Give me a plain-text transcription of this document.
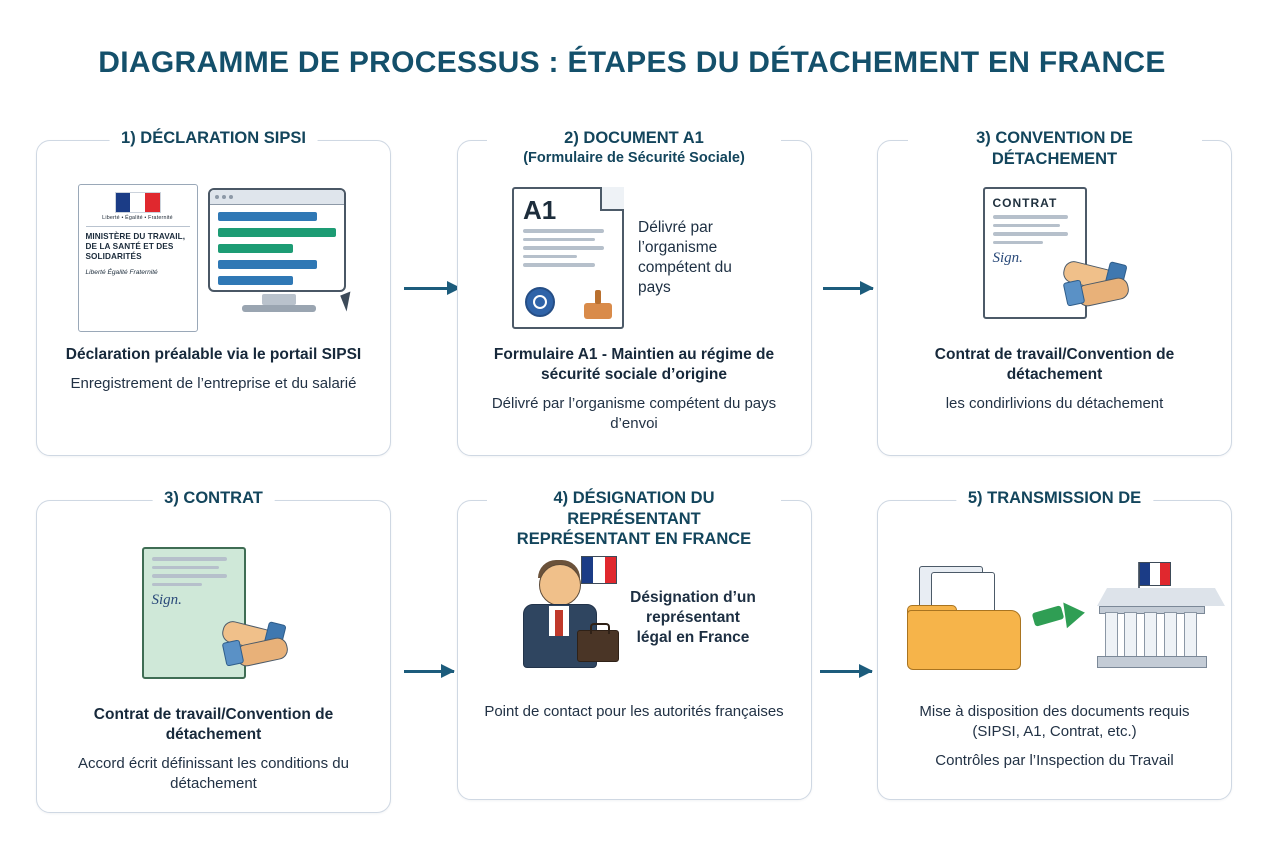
DIAGRAMME DE PROCESSUS : ÉTAPES DU DÉTACHEMENT EN FRANCE
1) DÉCLARATION SIPSI
Liberté • Égalité • Fraternité
MINISTÈRE DU TRAVAIL, DE LA SANTÉ ET DES SOLIDARITÉS
Liberté Égalité Fraternité
Déclaration préalable via le portail SIPSI
Enregistrement de l’entreprise et du salarié
2) DOCUMENT A1
(Formulaire de Sécurité Sociale)
A1
Délivré par l’organisme compétent du pays
Formulaire A1 - Maintien au régime de sécurité sociale d’origine
Délivré par l’organisme compétent du pays d’envoi
3) CONVENTION DE DÉTACHEMENT
CONTRAT
Sign.
Contrat de travail/Convention de détachement
les condirlivions du détachement
3) CONTRAT
Sign.
Contrat de travail/Convention de détachement
Accord écrit définissant les conditions du détachement
4) DÉSIGNATION DU REPRÉSENTANT REPRÉSENTANT EN FRANCE
Désignation d’un représentant légal en France
Point de contact pour les autorités françaises
5) TRANSMISSION DE
Mise à disposition des documents requis (SIPSI, A1, Contrat, etc.)
Contrôles par l’Inspection du Travail
